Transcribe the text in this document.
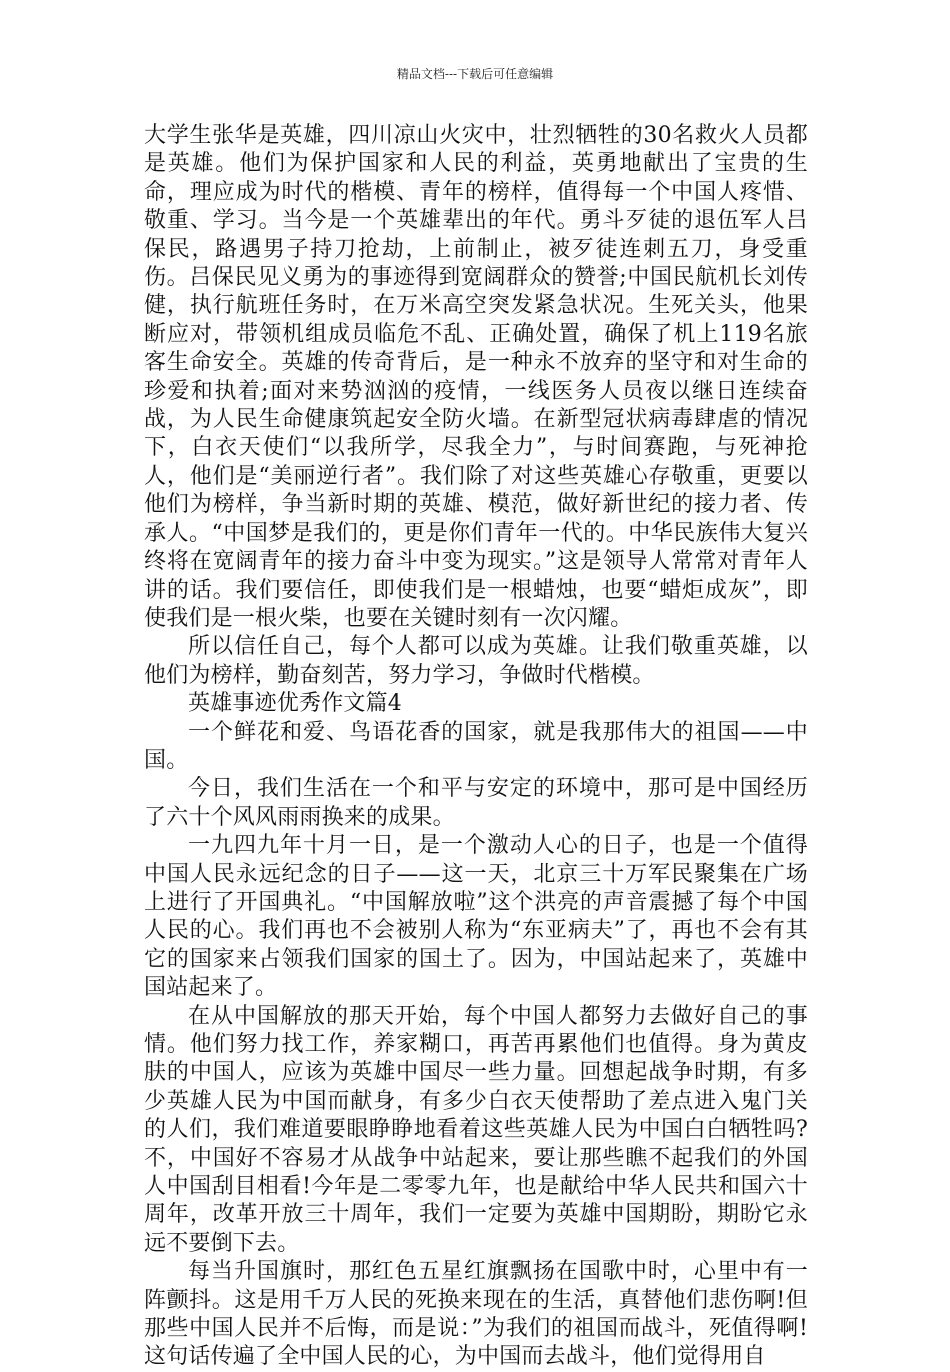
精品文档---下载后可任意编辑

大学生张华是英雄，四川凉山火灾中，壮烈牺牲的30名救火人员都是英雄。他们为保护国家和人民的利益，英勇地献出了宝贵的生命，理应成为时代的楷模、青年的榜样，值得每一个中国人疼惜、敬重、学习。当今是一个英雄辈出的年代。勇斗歹徒的退伍军人吕保民，路遇男子持刀抢劫，上前制止，被歹徒连刺五刀，身受重伤。吕保民见义勇为的事迹得到宽阔群众的赞誉;中国民航机长刘传健，执行航班任务时，在万米高空突发紧急状况。生死关头，他果断应对，带领机组成员临危不乱、正确处置，确保了机上119名旅客生命安全。英雄的传奇背后，是一种永不放弃的坚守和对生命的珍爱和执着;面对来势汹汹的疫情，一线医务人员夜以继日连续奋战，为人民生命健康筑起安全防火墙。在新型冠状病毒肆虐的情况下，白衣天使们“以我所学，尽我全力”，与时间赛跑，与死神抢人，他们是“美丽逆行者”。我们除了对这些英雄心存敬重，更要以他们为榜样，争当新时期的英雄、模范，做好新世纪的接力者、传承人。“中国梦是我们的，更是你们青年一代的。中华民族伟大复兴终将在宽阔青年的接力奋斗中变为现实。”这是领导人常常对青年人讲的话。我们要信任，即使我们是一根蜡烛，也要“蜡炬成灰”，即使我们是一根火柴，也要在关键时刻有一次闪耀。

所以信任自己，每个人都可以成为英雄。让我们敬重英雄，以他们为榜样，勤奋刻苦，努力学习，争做时代楷模。

英雄事迹优秀作文篇4

一个鲜花和爱、鸟语花香的国家，就是我那伟大的祖国——中国。

今日，我们生活在一个和平与安定的环境中，那可是中国经历了六十个风风雨雨换来的成果。

一九四九年十月一日，是一个激动人心的日子，也是一个值得中国人民永远纪念的日子——这一天，北京三十万军民聚集在广场上进行了开国典礼。“中国解放啦”这个洪亮的声音震撼了每个中国人民的心。我们再也不会被别人称为“东亚病夫”了，再也不会有其它的国家来占领我们国家的国土了。因为，中国站起来了，英雄中国站起来了。

在从中国解放的那天开始，每个中国人都努力去做好自己的事情。他们努力找工作，养家糊口，再苦再累他们也值得。身为黄皮肤的中国人，应该为英雄中国尽一些力量。回想起战争时期，有多少英雄人民为中国而献身，有多少白衣天使帮助了差点进入鬼门关的人们，我们难道要眼睁睁地看着这些英雄人民为中国白白牺牲吗?不，中国好不容易才从战争中站起来，要让那些瞧不起我们的外国人中国刮目相看!今年是二零零九年，也是献给中华人民共和国六十周年，改革开放三十周年，我们一定要为英雄中国期盼，期盼它永远不要倒下去。

每当升国旗时，那红色五星红旗飘扬在国歌中时，心里中有一阵颤抖。这是用千万人民的死换来现在的生活，真替他们悲伤啊!但那些中国人民并不后悔，而是说：”为我们的祖国而战斗，死值得啊!这句话传遍了全中国人民的心，为中国而去战斗，他们觉得用自
